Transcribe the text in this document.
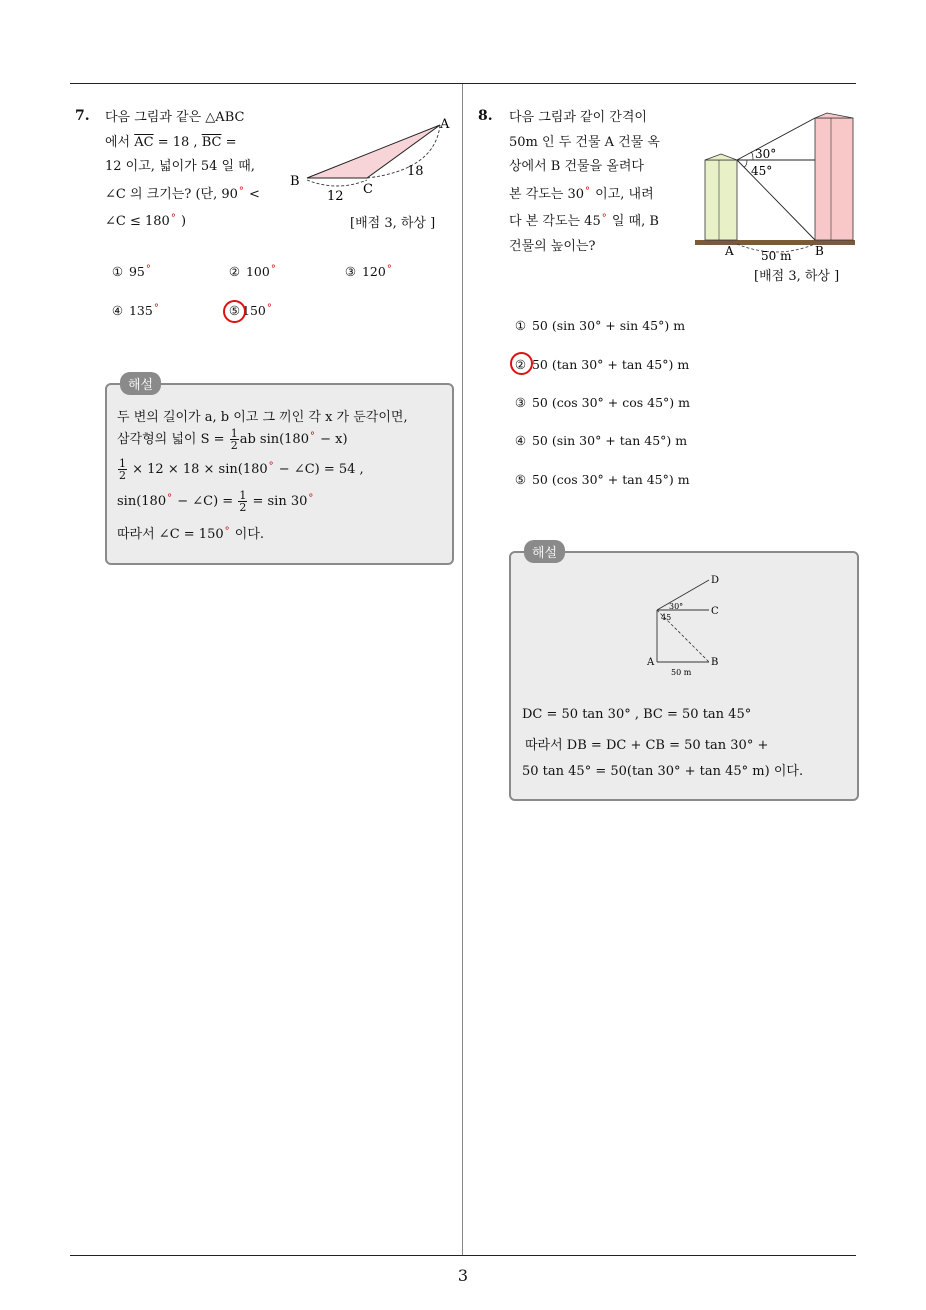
3
7. 다음 그림과 같은 △ABC
에서 $\overline{AC} = 18$ , $\overline{BC}$ =
12 이고, 넓이가 54 일 때,
∠C 의 크기는? (단, 90° <
∠C ≤ 180° )
A
B
C
12
18
[배점 3, 하상 ]
① 95°	② 100°	③ 120°
④ 135°	⑤ 150°
해설
두 변의 길이가 a, b 이고 그 끼인 각 x 가 둔각이면,
삼각형의 넓이 $S = \frac{1}{2}$ ab sin(180° − x)
$\frac{1}{2} \times 12 \times 18 \times \sin(180^\circ$ − ∠C) = 54 ,
sin(180° − ∠C) = $\frac{1}{2} = \sin 30^\circ$
따라서 ∠C = 150° 이다.
8. 다음 그림과 같이 간격이
50m 인 두 건물 A 건물 옥
상에서 B 건물을 올려다
본 각도는 30° 이고, 내려
다 본 각도는 45° 일 때, B
건물의 높이는?
30°
45°
A 50 m B
[배점 3, 하상 ]
① 50 (sin 30° + sin 45°) m
② 50 (tan 30° + tan 45°) m
③ 50 (cos 30° + cos 45°) m
④ 50 (sin 30° + tan 45°) m
⑤ 50 (cos 30° + tan 45°) m
해설
D
C
A	B
30°
45
50 m
DC = 50 tan 30° , BC = 50 tan 45°
따라서 DB = DC + CB = 50 tan 30° +
50 tan 45° = 50(tan 30° + tan 45° m) 이다.
